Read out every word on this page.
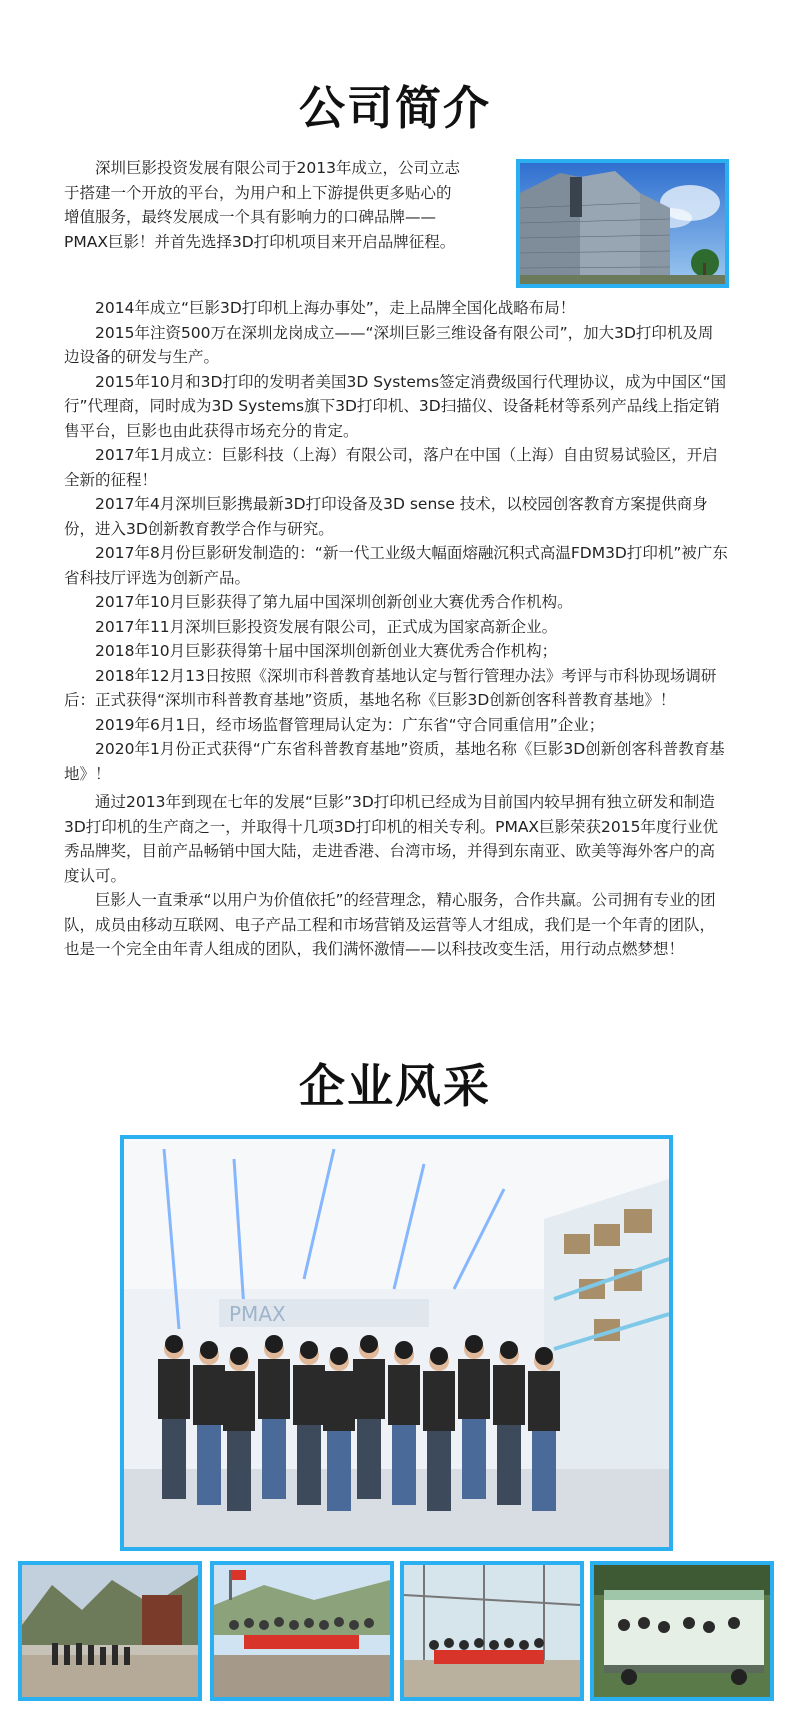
公司简介
深圳巨影投资发展有限公司于2013年成立，公司立志于搭建一个开放的平台，为用户和上下游提供更多贴心的增值服务，最终发展成一个具有影响力的口碑品牌——PMAX巨影！并首先选择3D打印机项目来开启品牌征程。

2014年成立“巨影3D打印机上海办事处”，走上品牌全国化战略布局！

2015年注资500万在深圳龙岗成立——“深圳巨影三维设备有限公司”，加大3D打印机及周边设备的研发与生产。

2015年10月和3D打印的发明者美国3D Systems签定消费级国行代理协议，成为中国区“国行”代理商，同时成为3D Systems旗下3D打印机、3D扫描仪、设备耗材等系列产品线上指定销售平台，巨影也由此获得市场充分的肯定。

2017年1月成立：巨影科技（上海）有限公司，落户在中国（上海）自由贸易试验区，开启全新的征程！

2017年4月深圳巨影携最新3D打印设备及3D sense 技术，以校园创客教育方案提供商身份，进入3D创新教育教学合作与研究。

2017年8月份巨影研发制造的：“新一代工业级大幅面熔融沉积式高温FDM3D打印机”被广东省科技厅评选为创新产品。

2017年10月巨影获得了第九届中国深圳创新创业大赛优秀合作机构。

2017年11月深圳巨影投资发展有限公司，正式成为国家高新企业。

2018年10月巨影获得第十届中国深圳创新创业大赛优秀合作机构；

2018年12月13日按照《深圳市科普教育基地认定与暂行管理办法》考评与市科协现场调研后：正式获得“深圳市科普教育基地”资质，基地名称《巨影3D创新创客科普教育基地》！

2019年6月1日，经市场监督管理局认定为：广东省“守合同重信用”企业；

2020年1月份正式获得“广东省科普教育基地”资质，基地名称《巨影3D创新创客科普教育基地》！

通过2013年到现在七年的发展“巨影”3D打印机已经成为目前国内较早拥有独立研发和制造3D打印机的生产商之一，并取得十几项3D打印机的相关专利。PMAX巨影荣获2015年度行业优秀品牌奖，目前产品畅销中国大陆，走进香港、台湾市场，并得到东南亚、欧美等海外客户的高度认可。

巨影人一直秉承“以用户为价值依托”的经营理念，精心服务，合作共赢。公司拥有专业的团队，成员由移动互联网、电子产品工程和市场营销及运营等人才组成，我们是一个年青的团队，也是一个完全由年青人组成的团队，我们满怀激情——以科技改变生活，用行动点燃梦想！

企业风采
PMAX
